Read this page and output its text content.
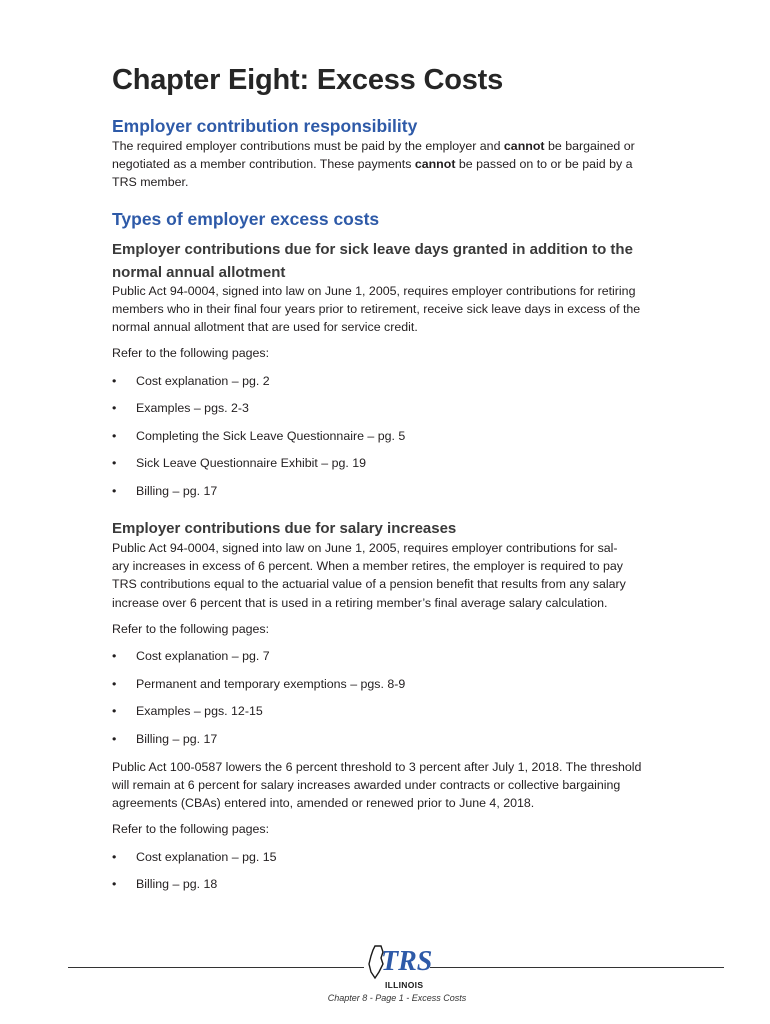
Chapter Eight: Excess Costs
Employer contribution responsibility
The required employer contributions must be paid by the employer and cannot be bargained or
negotiated as a member contribution. These payments cannot be passed on to or be paid by a
TRS member.
Types of employer excess costs
Employer contributions due for sick leave days granted in addition to the
normal annual allotment
Public Act 94-0004, signed into law on June 1, 2005, requires employer contributions for retiring
members who in their final four years prior to retirement, receive sick leave days in excess of the
normal annual allotment that are used for service credit.
Refer to the following pages:
• Cost explanation – pg. 2
• Examples – pgs. 2-3
• Completing the Sick Leave Questionnaire – pg. 5
• Sick Leave Questionnaire Exhibit – pg. 19
• Billing – pg. 17
Employer contributions due for salary increases
Public Act 94-0004, signed into law on June 1, 2005, requires employer contributions for sal-
ary increases in excess of 6 percent. When a member retires, the employer is required to pay
TRS contributions equal to the actuarial value of a pension benefit that results from any salary
increase over 6 percent that is used in a retiring member’s final average salary calculation.
Refer to the following pages:
• Cost explanation – pg. 7
• Permanent and temporary exemptions – pgs. 8-9
• Examples – pgs. 12-15
• Billing – pg. 17
Public Act 100-0587 lowers the 6 percent threshold to 3 percent after July 1, 2018. The threshold
will remain at 6 percent for salary increases awarded under contracts or collective bargaining
agreements (CBAs) entered into, amended or renewed prior to June 4, 2018.
Refer to the following pages:
• Cost explanation – pg. 15
• Billing – pg. 18
TRS
ILLINOIS
Chapter 8 - Page 1 - Excess Costs
